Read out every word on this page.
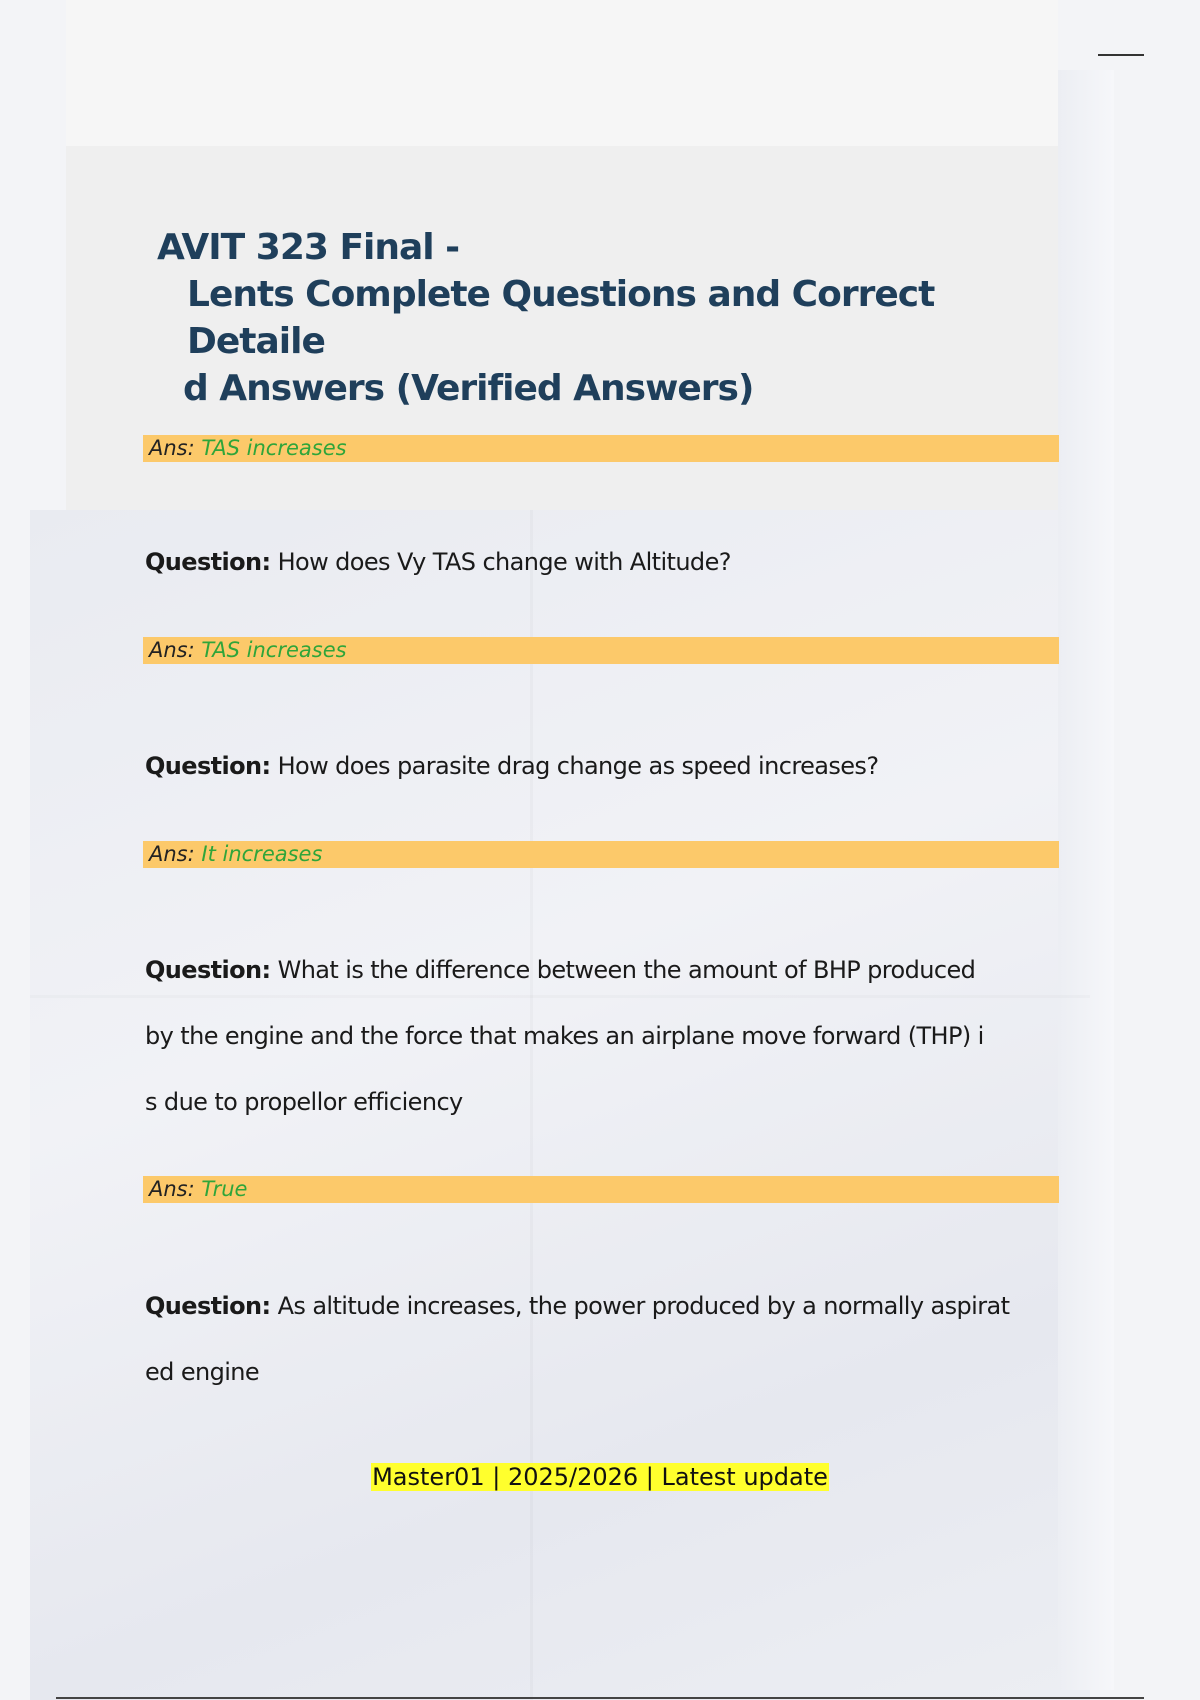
AVIT 323 Final -
Lents Complete Questions and Correct Detaile
d Answers (Verified Answers)
Ans: TAS increases
Question: How does Vy TAS change with Altitude?
Ans: TAS increases
Question: How does parasite drag change as speed increases?
Ans: It increases
Question: What is the difference between the amount of BHP produced
by the engine and the force that makes an airplane move forward (THP) i
s due to propellor efficiency
Ans: True
Question: As altitude increases, the power produced by a normally aspirat
ed engine
Master01 | 2025/2026 | Latest update
